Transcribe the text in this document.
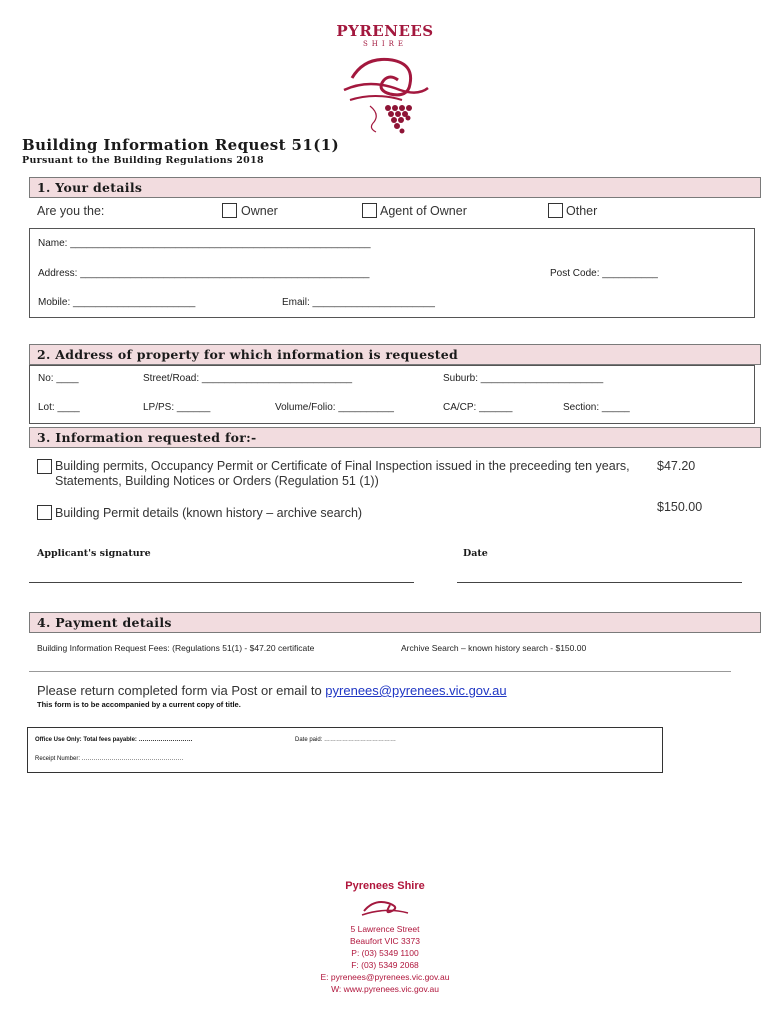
PYRENEES
SHIRE
Building Information Request 51(1)
Pursuant to the Building Regulations 2018
1. Your details
Are you the:	Owner	Agent of Owner	Other
Name: ______________________________________________________
Address: ____________________________________________________	Post Code: __________
Mobile: ______________________	Email: ______________________
2. Address of property for which information is requested
No: ____	Street/Road: ___________________________	Suburb: ______________________
Lot: ____	LP/PS: ______	Volume/Folio: __________	CA/CP: ______	Section: _____
3. Information requested for:-
Building permits, Occupancy Permit or Certificate of Final Inspection issued in the preceeding ten years, Statements, Building Notices or Orders (Regulation 51 (1))
$47.20
Building Permit details (known history – archive search)	$150.00
Applicant's signature	Date
4. Payment details
Building Information Request Fees: (Regulations 51(1) - $47.20 certificate	Archive Search – known history search - $150.00
Please return completed form via Post or email to pyrenees@pyrenees.vic.gov.au
This form is to be accompanied by a current copy of title.
Office Use Only: Total fees payable: ………………………	Date paid: ………………………………
Receipt Number: ……………………………………………
Pyrenees Shire
5 Lawrence Street
Beaufort VIC 3373
P: (03) 5349 1100
F: (03) 5349 2068
E: pyrenees@pyrenees.vic.gov.au
W: www.pyrenees.vic.gov.au
